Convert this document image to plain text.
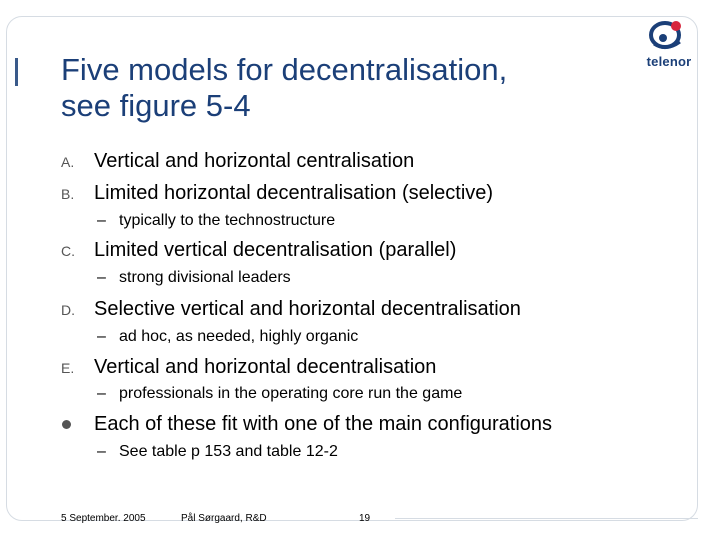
Five models for decentralisation,
see figure 5-4
telenor
A. Vertical and horizontal centralisation
B. Limited horizontal decentralisation (selective)
– typically to the technostructure
C. Limited vertical decentralisation (parallel)
– strong divisional leaders
D. Selective vertical and horizontal decentralisation
– ad hoc, as needed, highly organic
E. Vertical and horizontal decentralisation
– professionals in the operating core run the game
Each of these fit with one of the main configurations
– See table p 153 and table 12-2
5 September. 2005	Pål Sørgaard, R&D	19
